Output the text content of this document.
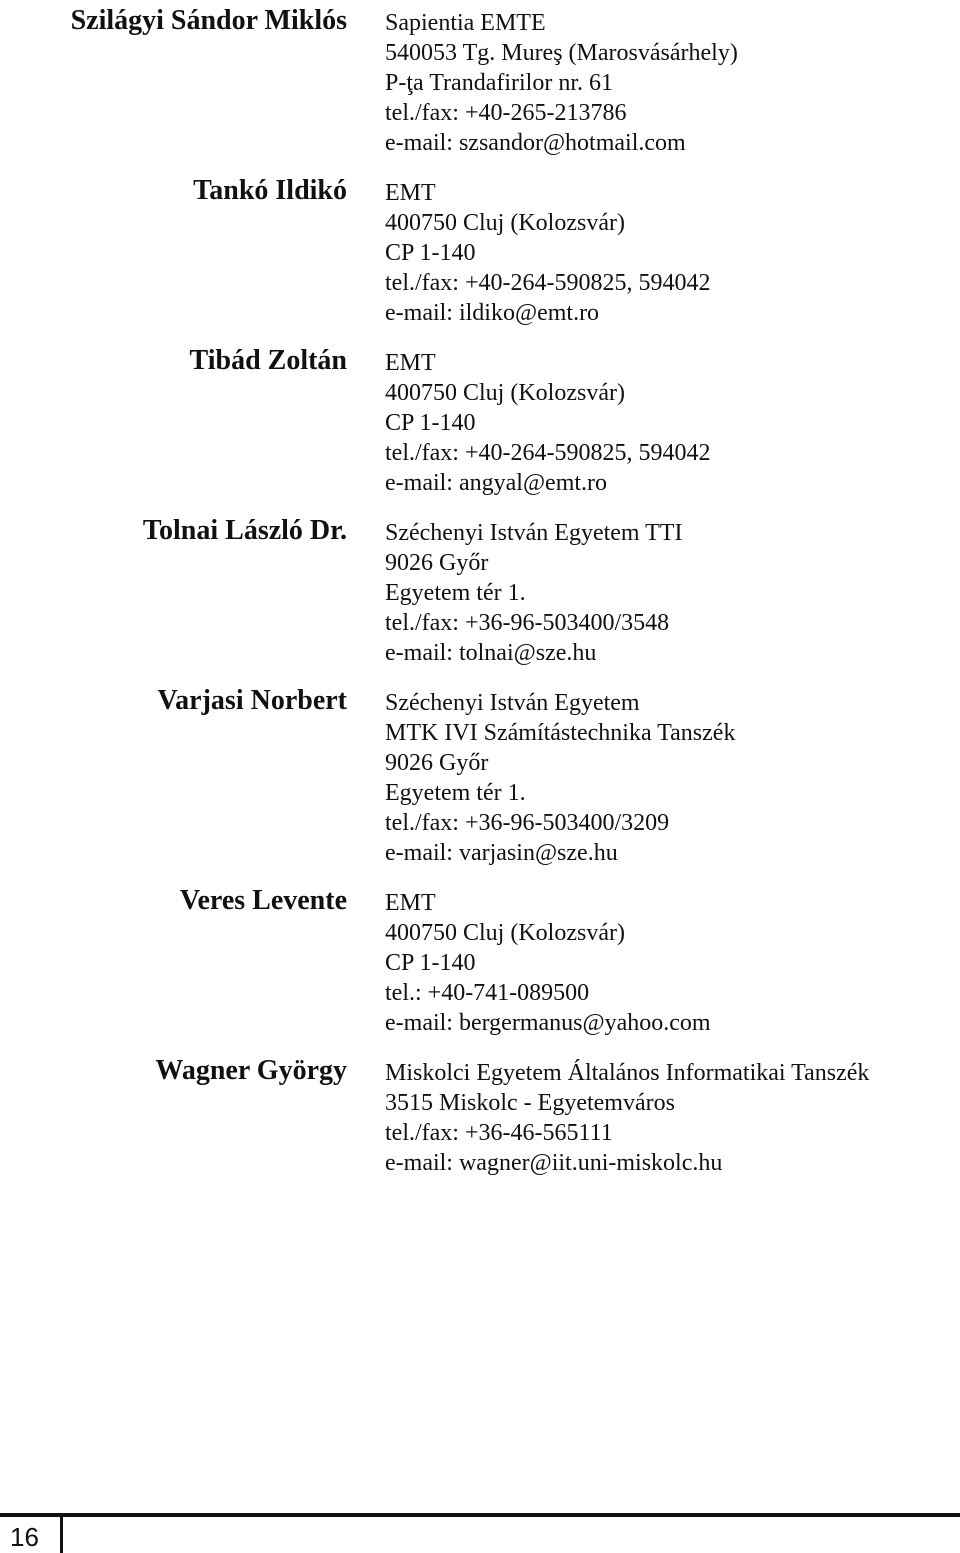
Szilágyi Sándor Miklós Sapientia EMTE
540053 Tg. Mureş (Marosvásárhely)
P-ţa Trandafirilor nr. 61
tel./fax: +40-265-213786
e-mail: szsandor@hotmail.com
Tankó Ildikó EMT
400750 Cluj (Kolozsvár)
CP 1-140
tel./fax: +40-264-590825, 594042
e-mail: ildiko@emt.ro
Tibád Zoltán EMT
400750 Cluj (Kolozsvár)
CP 1-140
tel./fax: +40-264-590825, 594042
e-mail: angyal@emt.ro
Tolnai László Dr. Széchenyi István Egyetem TTI
9026 Győr
Egyetem tér 1.
tel./fax: +36-96-503400/3548
e-mail: tolnai@sze.hu
Varjasi Norbert Széchenyi István Egyetem
MTK IVI Számítástechnika Tanszék
9026 Győr
Egyetem tér 1.
tel./fax: +36-96-503400/3209
e-mail: varjasin@sze.hu
Veres Levente EMT
400750 Cluj (Kolozsvár)
CP 1-140
tel.: +40-741-089500
e-mail: bergermanus@yahoo.com
Wagner György Miskolci Egyetem Általános Informatikai Tanszék
3515 Miskolc - Egyetemváros
tel./fax: +36-46-565111
e-mail: wagner@iit.uni-miskolc.hu
16
